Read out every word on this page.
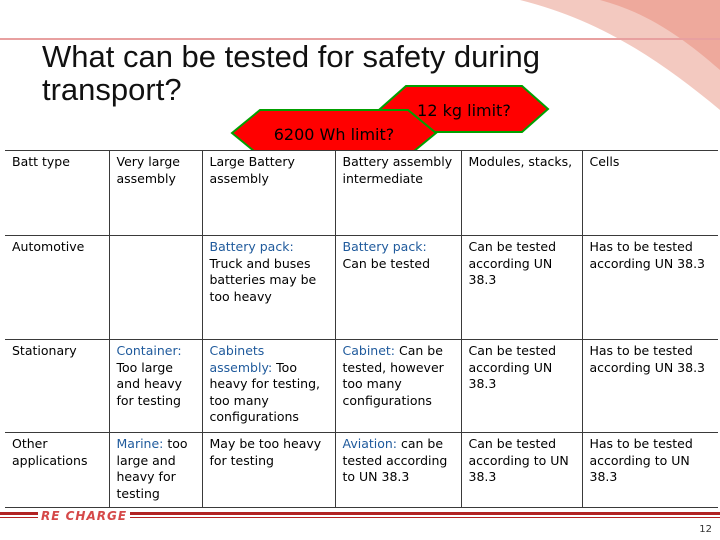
What can be tested for safety during transport?
12 kg limit?
6200 Wh limit?
Batt type	Very large assembly	Large Battery assembly	Battery assembly intermediate	Modules, stacks,	Cells
Automotive		Battery pack: Truck and buses batteries may be too heavy	Battery pack: Can be tested	Can be tested according UN 38.3	Has to be tested according UN 38.3
Stationary	Container: Too large and heavy for testing	Cabinets assembly: Too heavy for testing, too many configurations	Cabinet: Can be tested, however too many configurations	Can be tested according UN 38.3	Has to be tested according UN 38.3
Other applications	Marine: too large and heavy for testing	May be too heavy for testing	Aviation: can be tested according to UN 38.3	Can be tested according to UN 38.3	Has to be tested according to UN 38.3
RE CHARGE
12
